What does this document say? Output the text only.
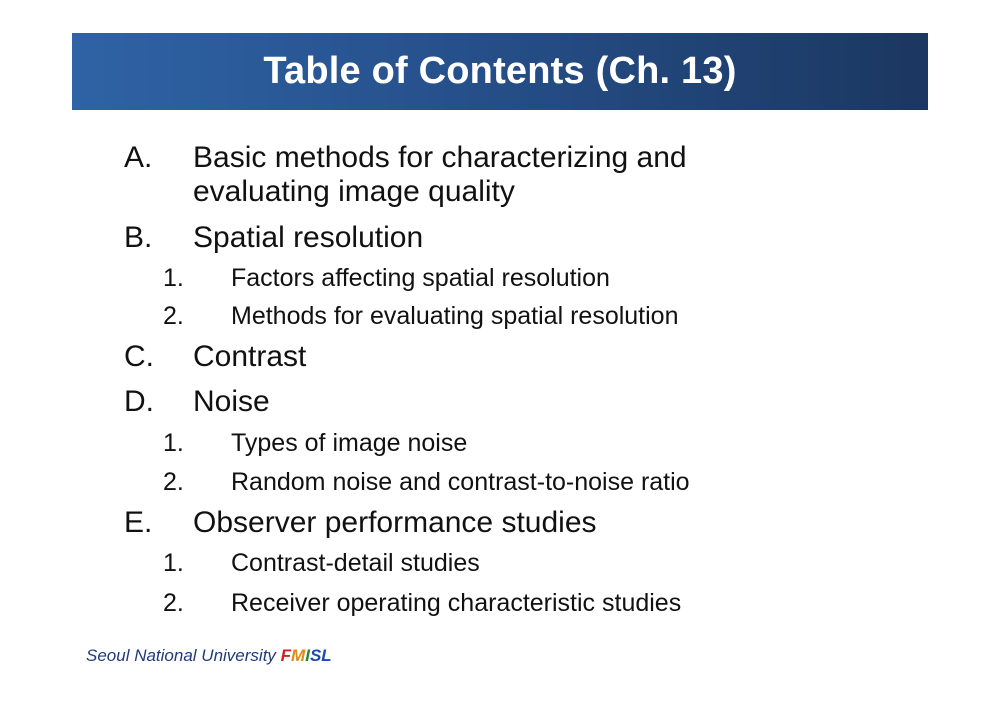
Table of Contents (Ch. 13)
A. Basic methods for characterizing and
evaluating image quality
B. Spatial resolution
1. Factors affecting spatial resolution
2. Methods for evaluating spatial resolution
C. Contrast
D. Noise
1. Types of image noise
2. Random noise and contrast-to-noise ratio
E. Observer performance studies
1. Contrast-detail studies
2. Receiver operating characteristic studies
Seoul National University FMISL
